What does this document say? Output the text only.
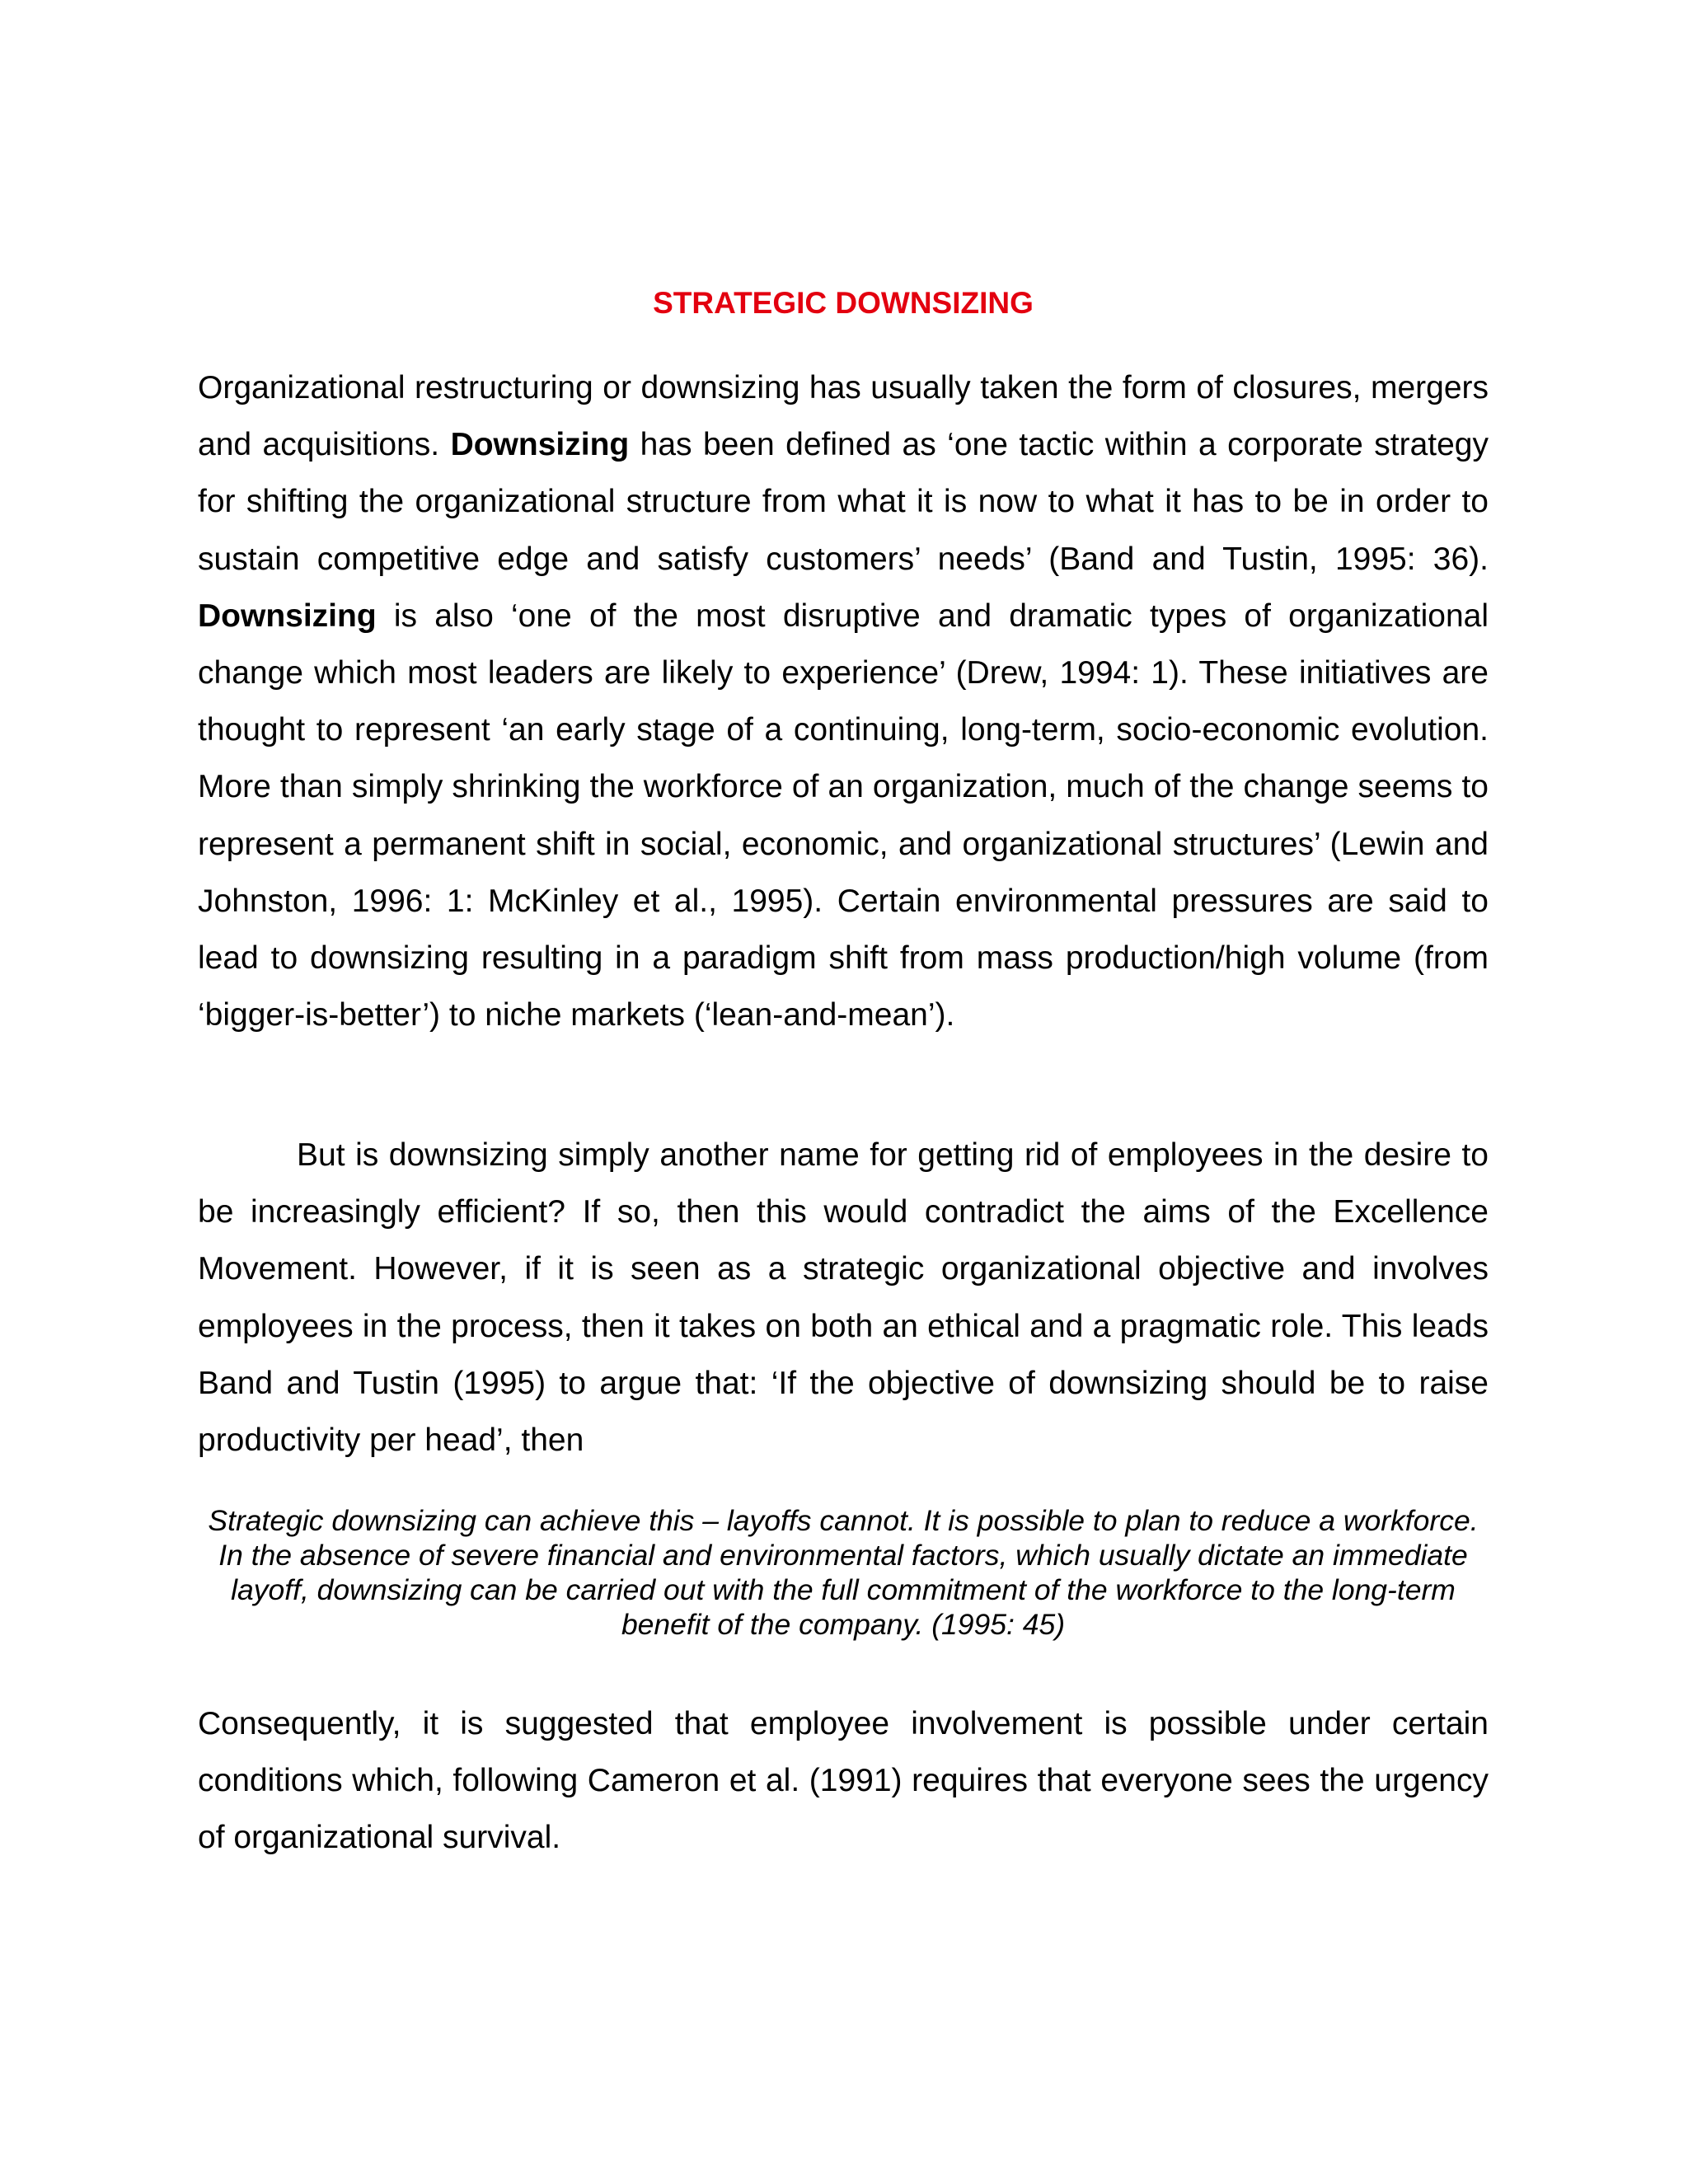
STRATEGIC DOWNSIZING

Organizational restructuring or downsizing has usually taken the form of closures, mergers and acquisitions. Downsizing has been defined as ‘one tactic within a corporate strategy for shifting the organizational structure from what it is now to what it has to be in order to sustain competitive edge and satisfy customers’ needs’ (Band and Tustin, 1995: 36). Downsizing is also ‘one of the most disruptive and dramatic types of organizational change which most leaders are likely to experience’ (Drew, 1994: 1). These initiatives are thought to represent ‘an early stage of a continuing, long-term, socio-economic evolution. More than simply shrinking the workforce of an organization, much of the change seems to represent a permanent shift in social, economic, and organizational structures’ (Lewin and Johnston, 1996: 1: McKinley et al., 1995). Certain environmental pressures are said to lead to downsizing resulting in a paradigm shift from mass production/high volume (from ‘bigger-is-better’) to niche markets (‘lean-and-mean’).

But is downsizing simply another name for getting rid of employees in the desire to be increasingly efficient? If so, then this would contradict the aims of the Excellence Movement. However, if it is seen as a strategic organizational objective and involves employees in the process, then it takes on both an ethical and a pragmatic role. This leads Band and Tustin (1995) to argue that: ‘If the objective of downsizing should be to raise productivity per head’, then

Strategic downsizing can achieve this – layoffs cannot. It is possible to plan to reduce a workforce. In the absence of severe financial and environmental factors, which usually dictate an immediate layoff, downsizing can be carried out with the full commitment of the workforce to the long-term benefit of the company. (1995: 45)

Consequently, it is suggested that employee involvement is possible under certain conditions which, following Cameron et al. (1991) requires that everyone sees the urgency of organizational survival.
